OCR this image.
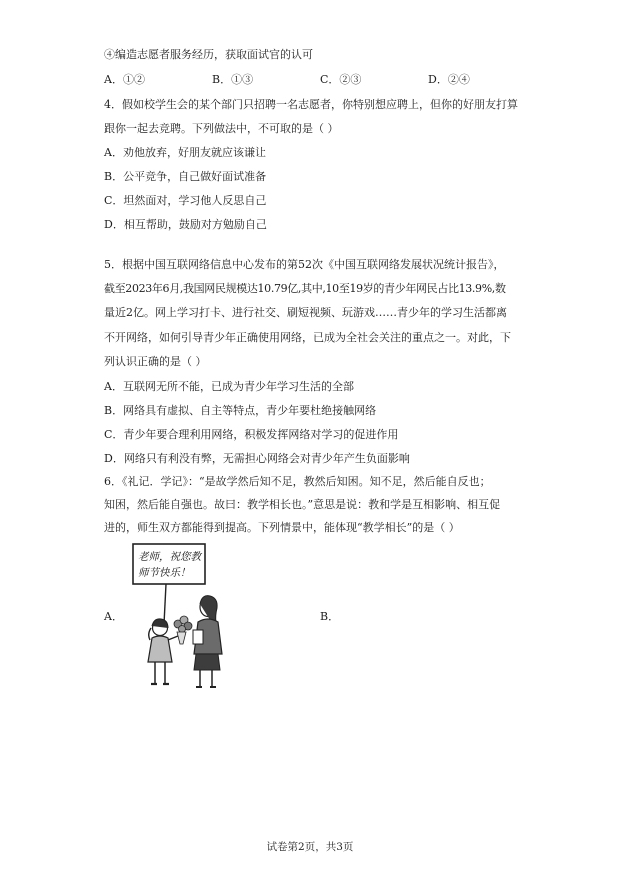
④编造志愿者服务经历，获取面试官的认可
A．①②	B．①③	C．②③	D．②④
4．假如校学生会的某个部门只招聘一名志愿者，你特别想应聘上，但你的好朋友打算
跟你一起去竞聘。下列做法中，不可取的是（ ）
A．劝他放弃，好朋友就应该谦让
B．公平竞争，自己做好面试准备
C．坦然面对，学习他人反思自己
D．相互帮助，鼓励对方勉励自己
5．根据中国互联网络信息中心发布的第52次《中国互联网络发展状况统计报告》，
截至2023年6月,我国网民规模达10.79亿,其中,10至19岁的青少年网民占比13.9%,数
量近2亿。网上学习打卡、进行社交、刷短视频、玩游戏……青少年的学习生活都离
不开网络，如何引导青少年正确使用网络，已成为全社会关注的重点之一。对此，下
列认识正确的是（ ）
A．互联网无所不能，已成为青少年学习生活的全部
B．网络具有虚拟、自主等特点，青少年要杜绝接触网络
C．青少年要合理利用网络，积极发挥网络对学习的促进作用
D．网络只有利没有弊，无需担心网络会对青少年产生负面影响
6．《礼记．学记》：“是故学然后知不足，教然后知困。知不足，然后能自反也；
知困，然后能自强也。故曰：教学相长也。”意思是说：教和学是互相影响、相互促
进的，师生双方都能得到提高。下列情景中，能体现“教学相长”的是（ ）
A．	B．
老师，祝您教
师节快乐！
试卷第2页，共3页
